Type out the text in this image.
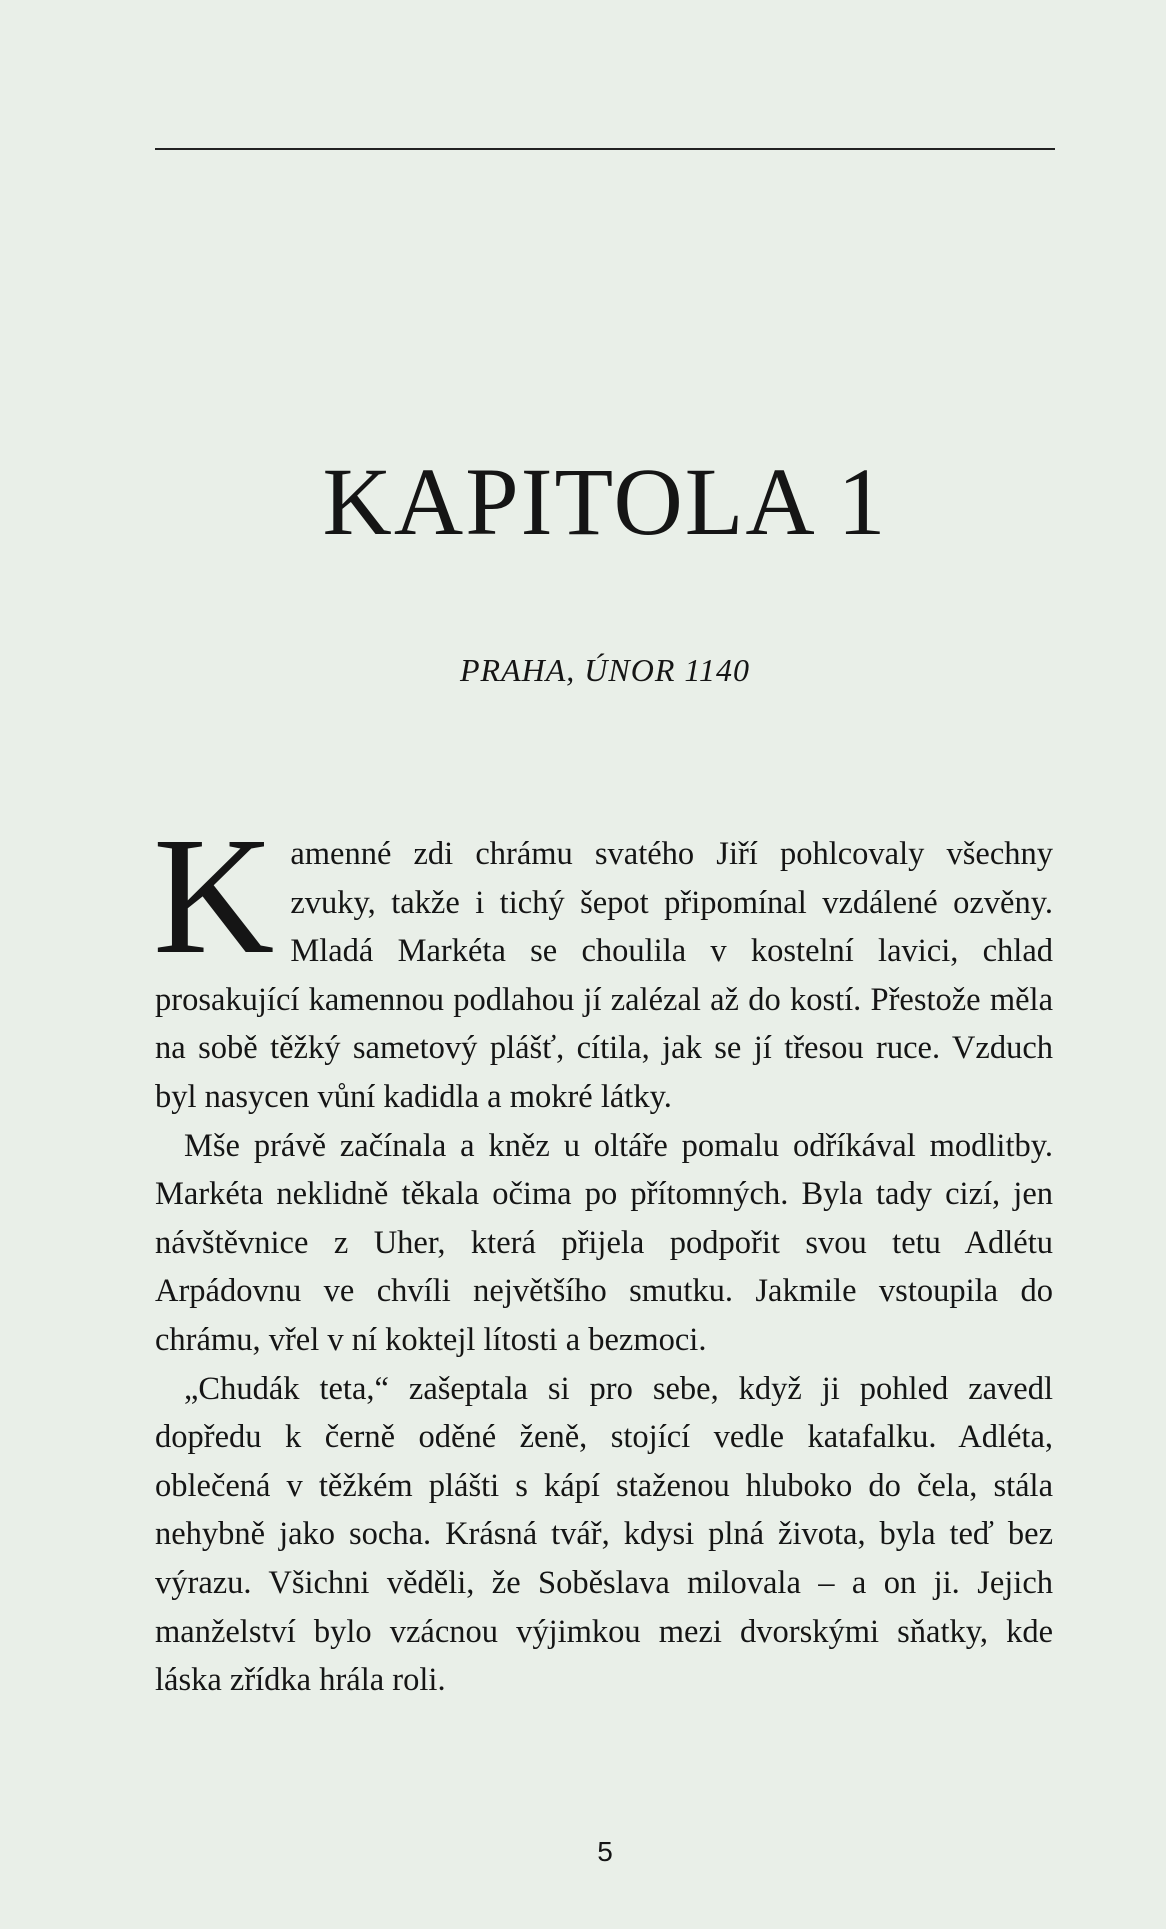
KAPITOLA 1
PRAHA, ÚNOR 1140

Kamenné zdi chrámu svatého Jiří pohlcovaly všechny zvuky, takže i tichý šepot připomínal vzdálené ozvěny. Mladá Markéta se choulila v kostelní lavici, chlad prosakující kamennou podlahou jí zalézal až do kostí. Přestože měla na sobě těžký sametový plášť, cítila, jak se jí třesou ruce. Vzduch byl nasycen vůní kadidla a mokré látky.

Mše právě začínala a kněz u oltáře pomalu odříkával modlitby. Markéta neklidně těkala očima po přítomných. Byla tady cizí, jen návštěvnice z Uher, která přijela podpořit svou tetu Adlétu Arpádovnu ve chvíli největšího smutku. Jakmile vstoupila do chrámu, vřel v ní koktejl lítosti a bezmoci.

„Chudák teta,“ zašeptala si pro sebe, když ji pohled zavedl dopředu k černě oděné ženě, stojící vedle katafalku. Adléta, oblečená v těžkém plášti s kápí staženou hluboko do čela, stála nehybně jako socha. Krásná tvář, kdysi plná života, byla teď bez výrazu. Všichni věděli, že Soběslava milovala – a on ji. Jejich manželství bylo vzácnou výjimkou mezi dvorskými sňatky, kde láska zřídka hrála roli.

5
